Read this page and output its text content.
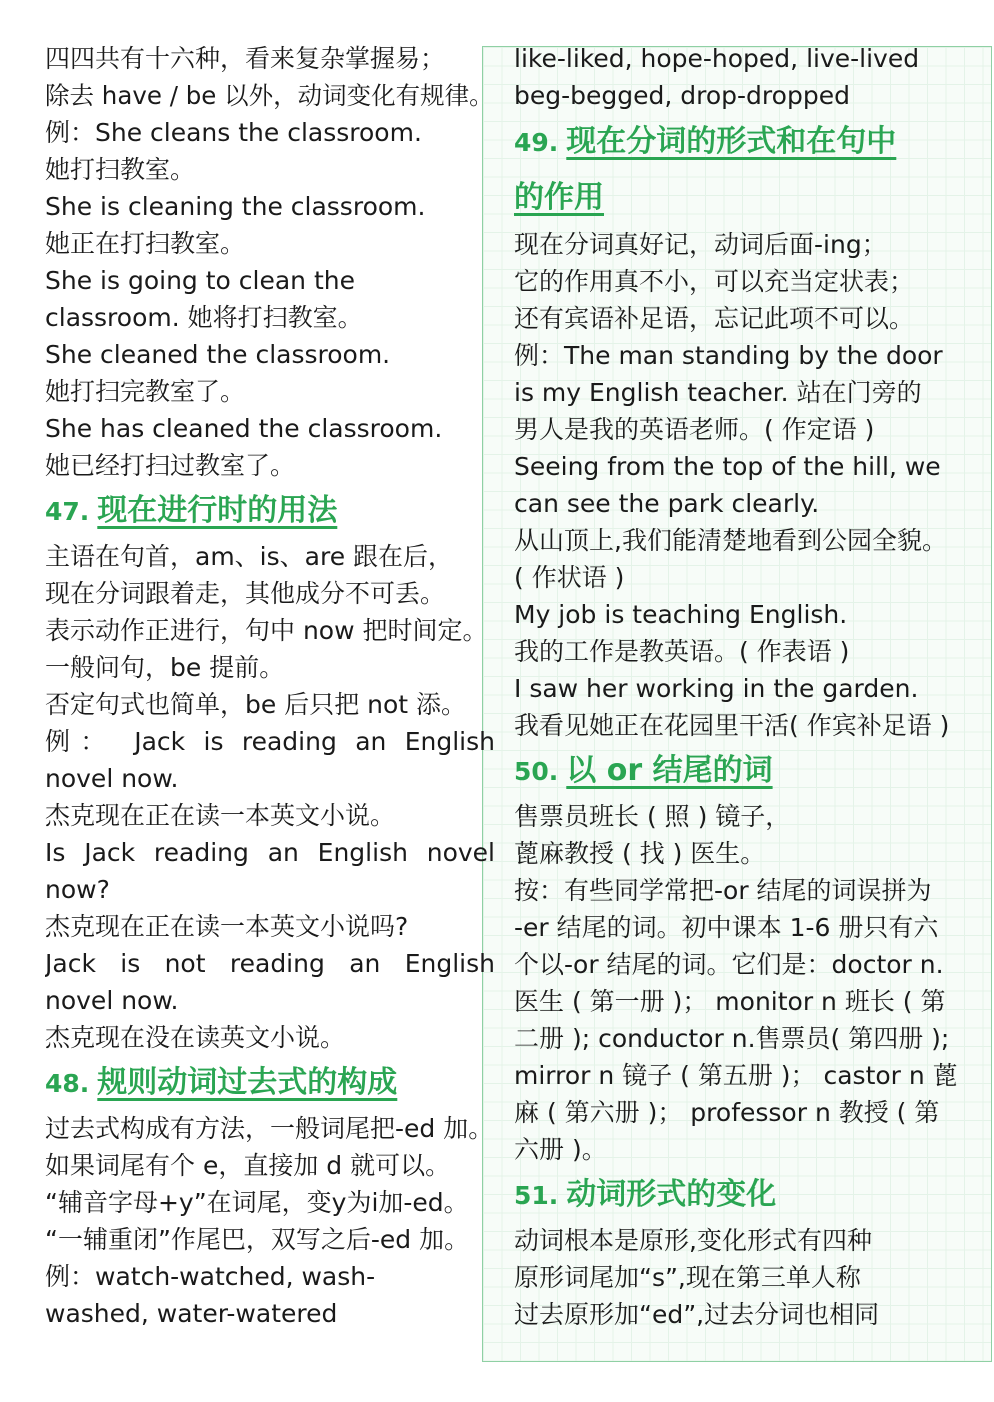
四四共有十六种，看来复杂掌握易；
除去 have / be 以外，动词变化有规律。
例：She cleans the classroom.
她打扫教室。
She is cleaning the classroom.
她正在打扫教室。
She is going to clean the
classroom. 她将打扫教室。
She cleaned the classroom.
她打扫完教室了。
She has cleaned the classroom.
她已经打扫过教室了。
47. 现在进行时的用法
主语在句首，am、is、are 跟在后，
现在分词跟着走，其他成分不可丢。
表示动作正进行，句中 now 把时间定。
一般问句，be 提前。
否定句式也简单，be 后只把 not 添。
例： Jack is reading an English
novel now.
杰克现在正在读一本英文小说。
Is Jack reading an English novel
now?
杰克现在正在读一本英文小说吗?
Jack is not reading an English
novel now.
杰克现在没在读英文小说。
48. 规则动词过去式的构成
过去式构成有方法，一般词尾把-ed 加。
如果词尾有个 e，直接加 d 就可以。
“辅音字母+y”在词尾，变y为i加-ed。
“一辅重闭”作尾巴，双写之后-ed 加。
例：watch-watched, wash-
washed, water-watered
like-liked, hope-hoped, live-lived
beg-begged, drop-dropped
49. 现在分词的形式和在句中
的作用
现在分词真好记，动词后面-ing；
它的作用真不小，可以充当定状表；
还有宾语补足语，忘记此项不可以。
例：The man standing by the door
is my English teacher. 站在门旁的
男人是我的英语老师。( 作定语 )
Seeing from the top of the hill, we
can see the park clearly.
从山顶上,我们能清楚地看到公园全貌。
( 作状语 )
My job is teaching English.
我的工作是教英语。( 作表语 )
I saw her working in the garden.
我看见她正在花园里干活( 作宾补足语 )
50. 以 or 结尾的词
售票员班长 ( 照 ) 镜子，
蓖麻教授 ( 找 ) 医生。
按：有些同学常把-or 结尾的词误拼为
-er 结尾的词。初中课本 1-6 册只有六
个以-or 结尾的词。它们是：doctor n.
医生 ( 第一册 )； monitor n 班长 ( 第
二册 ); conductor n.售票员( 第四册 );
mirror n 镜子 ( 第五册 )； castor n 蓖
麻 ( 第六册 )； professor n 教授 ( 第
六册 )。
51. 动词形式的变化
动词根本是原形,变化形式有四种
原形词尾加“s”,现在第三单人称
过去原形加“ed”,过去分词也相同
